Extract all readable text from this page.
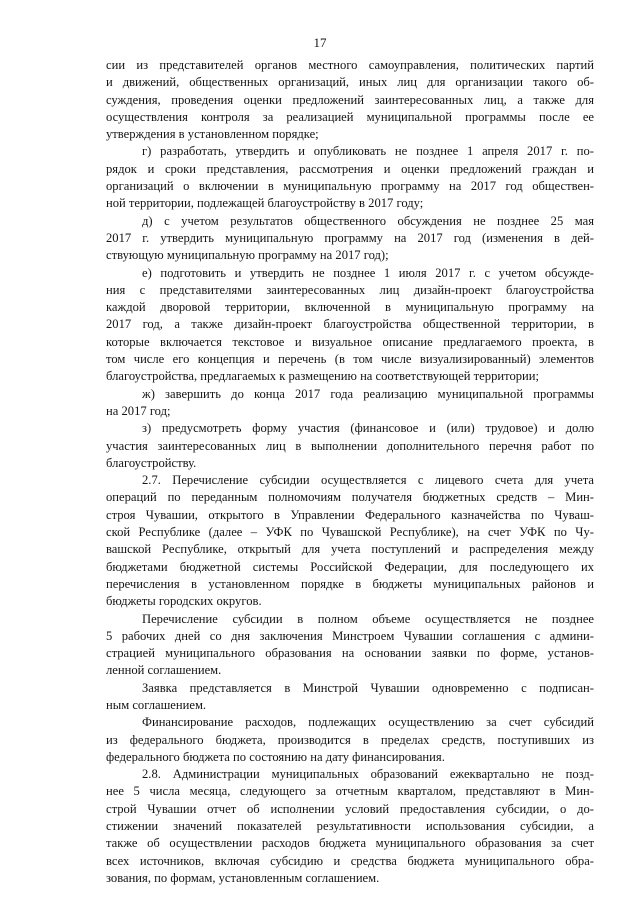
17
сии из представителей органов местного самоуправления, политических партий
и движений, общественных организаций, иных лиц для организации такого об-
суждения, проведения оценки предложений заинтересованных лиц, а также для
осуществления контроля за реализацией муниципальной программы после ее
утверждения в установленном порядке;
г) разработать, утвердить и опубликовать не позднее 1 апреля 2017 г. по-
рядок и сроки представления, рассмотрения и оценки предложений граждан и
организаций о включении в муниципальную программу на 2017 год обществен-
ной территории, подлежащей благоустройству в 2017 году;
д) с учетом результатов общественного обсуждения не позднее 25 мая
2017 г. утвердить муниципальную программу на 2017 год (изменения в дей-
ствующую муниципальную программу на 2017 год);
е) подготовить и утвердить не позднее 1 июля 2017 г. с учетом обсужде-
ния с представителями заинтересованных лиц дизайн-проект благоустройства
каждой дворовой территории, включенной в муниципальную программу на
2017 год, а также дизайн-проект благоустройства общественной территории, в
которые включается текстовое и визуальное описание предлагаемого проекта, в
том числе его концепция и перечень (в том числе визуализированный) элементов
благоустройства, предлагаемых к размещению на соответствующей территории;
ж) завершить до конца 2017 года реализацию муниципальной программы
на 2017 год;
з) предусмотреть форму участия (финансовое и (или) трудовое) и долю
участия заинтересованных лиц в выполнении дополнительного перечня работ по
благоустройству.
2.7. Перечисление субсидии осуществляется с лицевого счета для учета
операций по переданным полномочиям получателя бюджетных средств – Мин-
строя Чувашии, открытого в Управлении Федерального казначейства по Чуваш-
ской Республике (далее – УФК по Чувашской Республике), на счет УФК по Чу-
вашской Республике, открытый для учета поступлений и распределения между
бюджетами бюджетной системы Российской Федерации, для последующего их
перечисления в установленном порядке в бюджеты муниципальных районов и
бюджеты городских округов.
Перечисление субсидии в полном объеме осуществляется не позднее
5 рабочих дней со дня заключения Минстроем Чувашии соглашения с админи-
страцией муниципального образования на основании заявки по форме, установ-
ленной соглашением.
Заявка представляется в Минстрой Чувашии одновременно с подписан-
ным соглашением.
Финансирование расходов, подлежащих осуществлению за счет субсидий
из федерального бюджета, производится в пределах средств, поступивших из
федерального бюджета по состоянию на дату финансирования.
2.8. Администрации муниципальных образований ежеквартально не позд-
нее 5 числа месяца, следующего за отчетным кварталом, представляют в Мин-
строй Чувашии отчет об исполнении условий предоставления субсидии, о до-
стижении значений показателей результативности использования субсидии, а
также об осуществлении расходов бюджета муниципального образования за счет
всех источников, включая субсидию и средства бюджета муниципального обра-
зования, по формам, установленным соглашением.
